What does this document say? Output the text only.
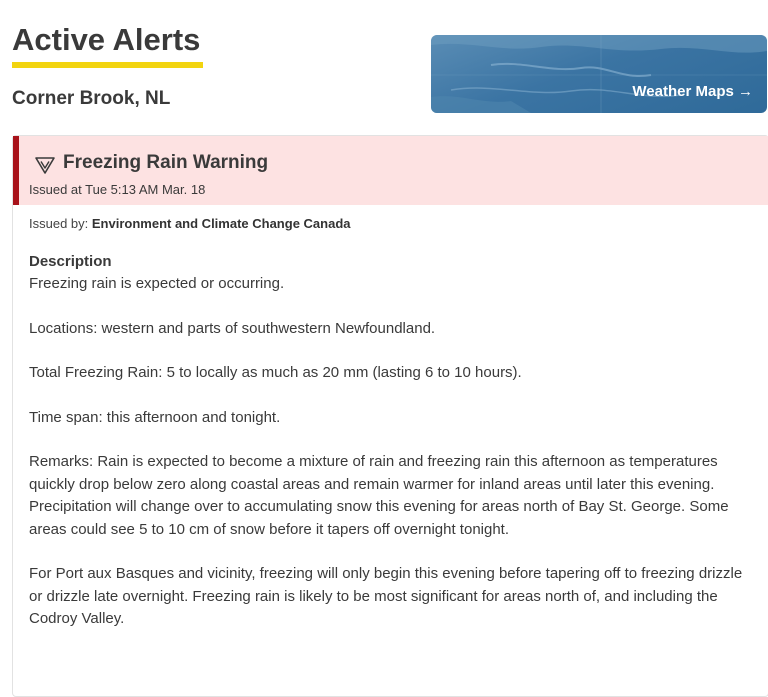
Active Alerts
Corner Brook, NL	Weather Maps →
Freezing Rain Warning
Issued at Tue 5:13 AM Mar. 18

Issued by: Environment and Climate Change Canada

Description

Freezing rain is expected or occurring.

Locations: western and parts of southwestern Newfoundland.

Total Freezing Rain: 5 to locally as much as 20 mm (lasting 6 to 10 hours).

Time span: this afternoon and tonight.

Remarks: Rain is expected to become a mixture of rain and freezing rain this afternoon as temperatures quickly drop below zero along coastal areas and remain warmer for inland areas until later this evening. Precipitation will change over to accumulating snow this evening for areas north of Bay St. George. Some areas could see 5 to 10 cm of snow before it tapers off overnight tonight.

For Port aux Basques and vicinity, freezing will only begin this evening before tapering off to freezing drizzle or drizzle late overnight. Freezing rain is likely to be most significant for areas north of, and including the Codroy Valley.
